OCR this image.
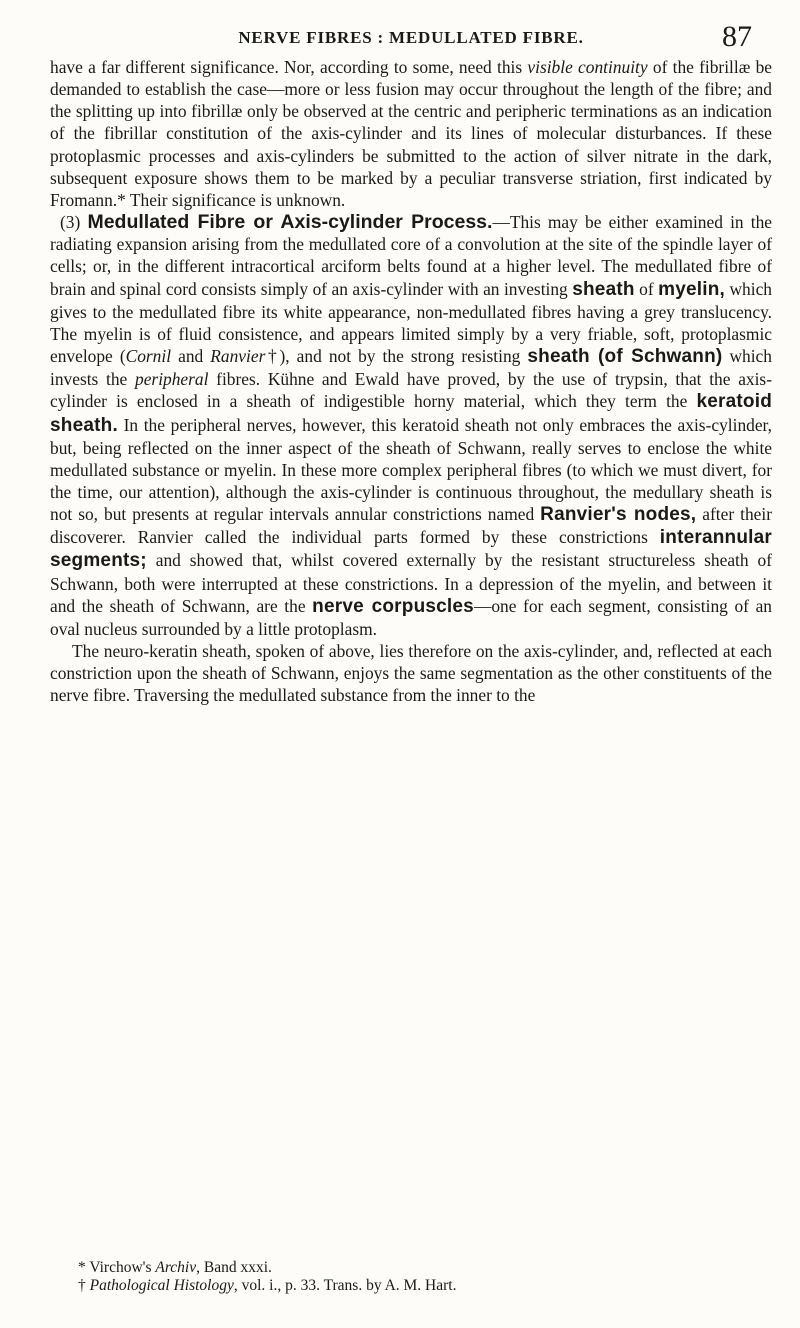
NERVE FIBRES : MEDULLATED FIBRE.	87

have a far different significance. Nor, according to some, need this visible continuity of the fibrillæ be demanded to establish the case—more or less fusion may occur throughout the length of the fibre; and the splitting up into fibrillæ only be observed at the centric and peripheric terminations as an indication of the fibrillar constitution of the axis-cylinder and its lines of molecular disturbances. If these protoplasmic processes and axis-cylinders be submitted to the action of silver nitrate in the dark, subsequent exposure shows them to be marked by a peculiar transverse striation, first indicated by Fromann.* Their significance is unknown.

(3) Medullated Fibre or Axis-cylinder Process.—This may be either examined in the radiating expansion arising from the medullated core of a convolution at the site of the spindle layer of cells; or, in the different intracortical arciform belts found at a higher level. The medullated fibre of brain and spinal cord consists simply of an axis-cylinder with an investing sheath of myelin, which gives to the medullated fibre its white appearance, non-medullated fibres having a grey translucency. The myelin is of fluid consistence, and appears limited simply by a very friable, soft, protoplasmic envelope (Cornil and Ranvier†), and not by the strong resisting sheath (of Schwann) which invests the peripheral fibres. Kühne and Ewald have proved, by the use of trypsin, that the axis-cylinder is enclosed in a sheath of indigestible horny material, which they term the keratoid sheath. In the peripheral nerves, however, this keratoid sheath not only embraces the axis-cylinder, but, being reflected on the inner aspect of the sheath of Schwann, really serves to enclose the white medullated substance or myelin. In these more complex peripheral fibres (to which we must divert, for the time, our attention), although the axis-cylinder is continuous throughout, the medullary sheath is not so, but presents at regular intervals annular constrictions named Ranvier's nodes, after their discoverer. Ranvier called the individual parts formed by these constrictions interannular segments; and showed that, whilst covered externally by the resistant structureless sheath of Schwann, both were interrupted at these constrictions. In a depression of the myelin, and between it and the sheath of Schwann, are the nerve corpuscles—one for each segment, consisting of an oval nucleus surrounded by a little protoplasm.

The neuro-keratin sheath, spoken of above, lies therefore on the axis-cylinder, and, reflected at each constriction upon the sheath of Schwann, enjoys the same segmentation as the other constituents of the nerve fibre. Traversing the medullated substance from the inner to the

* Virchow's Archiv, Band xxxi.
† Pathological Histology, vol. i., p. 33. Trans. by A. M. Hart.
